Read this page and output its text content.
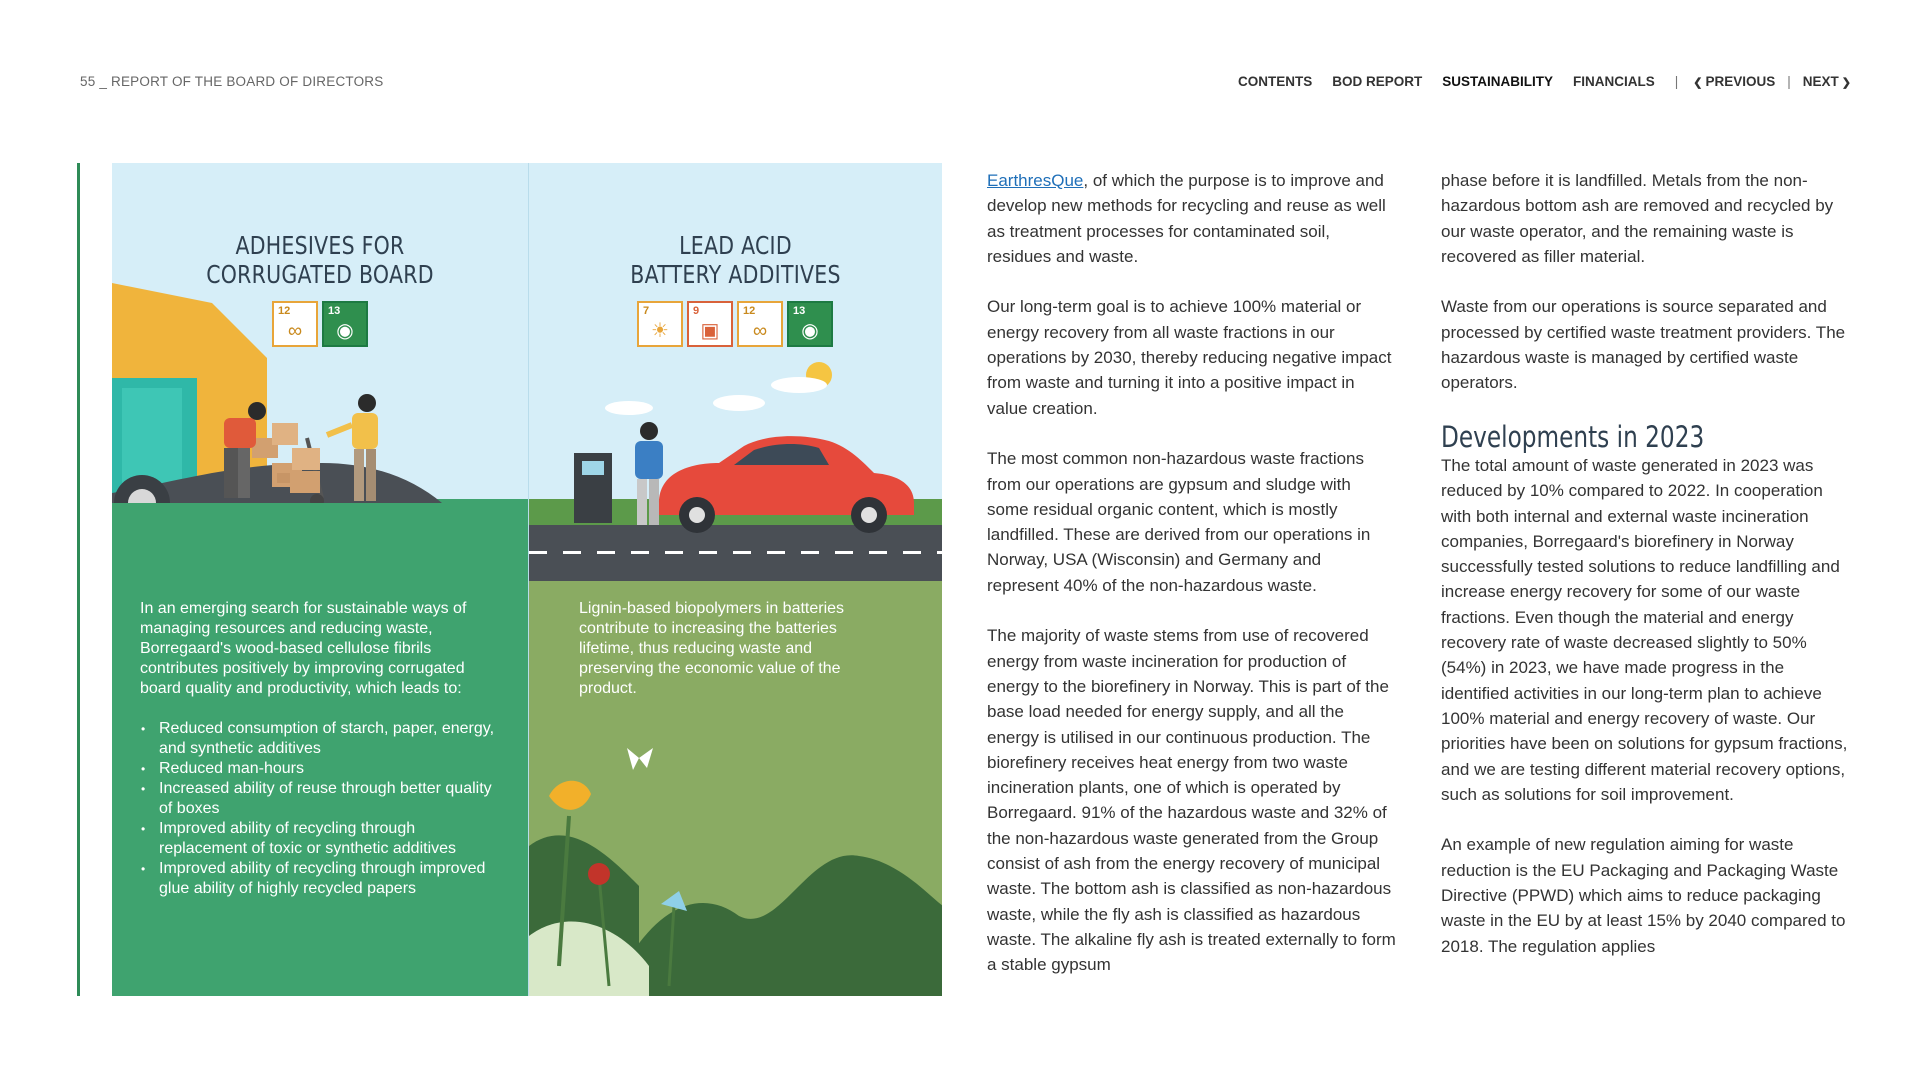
55 _ REPORT OF THE BOARD OF DIRECTORS	CONTENTS BOD REPORT SUSTAINABILITY FINANCIALS | ❮ PREVIOUS | NEXT ❯
ADHESIVES FOR
CORRUGATED BOARD
12
∞
13
◉
In an emerging search for sustainable ways of managing resources and reducing waste, Borregaard's wood-based cellulose fibrils contributes positively by improving corrugated board quality and productivity, which leads to:
• Reduced consumption of starch, paper, energy, and synthetic additives
• Reduced man-hours
• Increased ability of reuse through better quality of boxes
• Improved ability of recycling through replacement of toxic or synthetic additives
• Improved ability of recycling through improved glue ability of highly recycled papers
LEAD ACID
BATTERY ADDITIVES
7
☀
9
▣
12
∞
13
◉
Lignin-based biopolymers in batteries contribute to increasing the batteries lifetime, thus reducing waste and preserving the economic value of the product.

EarthresQue, of which the purpose is to improve and develop new methods for recycling and reuse as well as treatment processes for contaminated soil, residues and waste.

Our long-term goal is to achieve 100% material or energy recovery from all waste fractions in our operations by 2030, thereby reducing negative impact from waste and turning it into a positive impact in value creation.

The most common non-hazardous waste fractions from our operations are gypsum and sludge with some residual organic content, which is mostly landfilled. These are derived from our operations in Norway, USA (Wisconsin) and Germany and represent 40% of the non-hazardous waste.

The majority of waste stems from use of recovered energy from waste incineration for production of energy to the biorefinery in Norway. This is part of the base load needed for energy supply, and all the energy is utilised in our continuous production. The biorefinery receives heat energy from two waste incineration plants, one of which is operated by Borregaard. 91% of the hazardous waste and 32% of the non-hazardous waste generated from the Group consist of ash from the energy recovery of municipal waste. The bottom ash is classified as non-hazardous waste, while the fly ash is classified as hazardous waste. The alkaline fly ash is treated externally to form a stable gypsum

phase before it is landfilled. Metals from the non-hazardous bottom ash are removed and recycled by our waste operator, and the remaining waste is recovered as filler material.

Waste from our operations is source separated and processed by certified waste treatment providers. The hazardous waste is managed by certified waste operators.

Developments in 2023

The total amount of waste generated in 2023 was reduced by 10% compared to 2022. In cooperation with both internal and external waste incineration companies, Borregaard's biorefinery in Norway successfully tested solutions to reduce landfilling and increase energy recovery for some of our waste fractions. Even though the material and energy recovery rate of waste decreased slightly to 50% (54%) in 2023, we have made progress in the identified activities in our long-term plan to achieve 100% material and energy recovery of waste. Our priorities have been on solutions for gypsum fractions, and we are testing different material recovery options, such as solutions for soil improvement.

An example of new regulation aiming for waste reduction is the EU Packaging and Packaging Waste Directive (PPWD) which aims to reduce packaging waste in the EU by at least 15% by 2040 compared to 2018. The regulation applies
